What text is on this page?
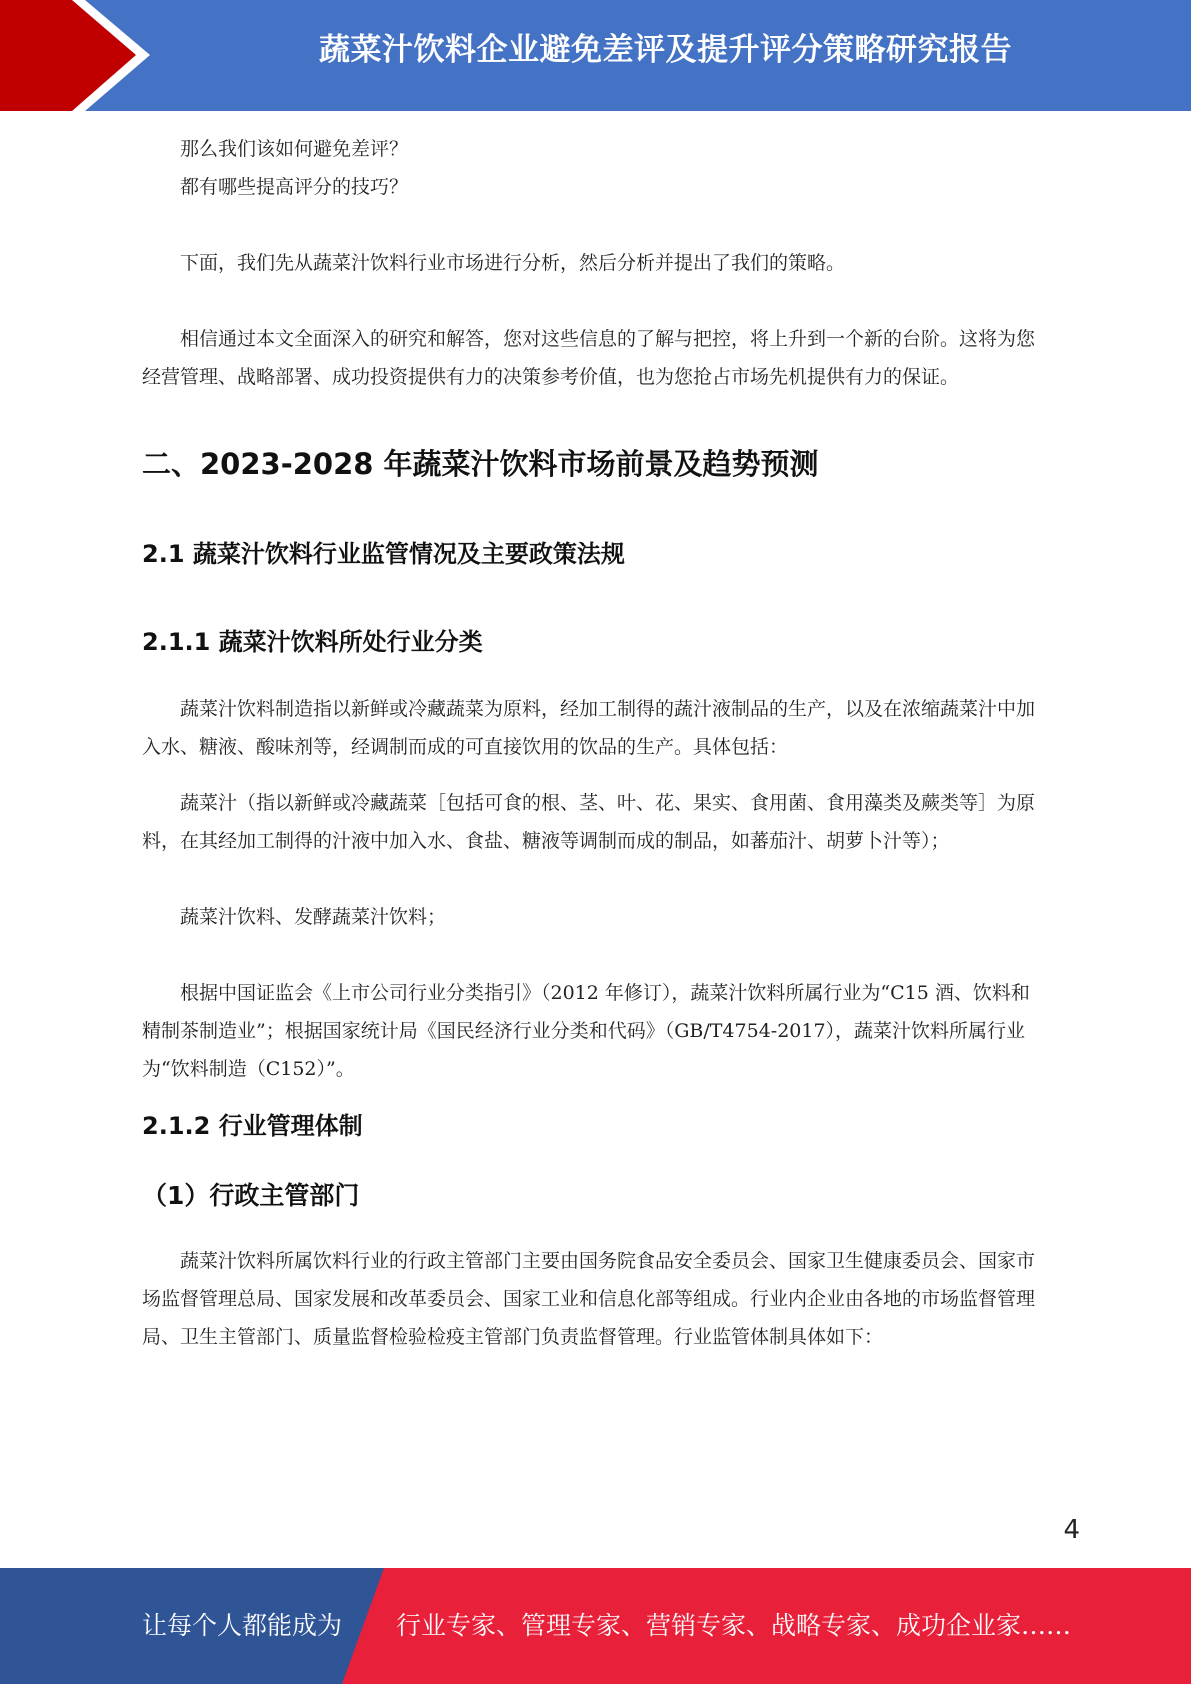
蔬菜汁饮料企业避免差评及提升评分策略研究报告

那么我们该如何避免差评？

都有哪些提高评分的技巧？

下面，我们先从蔬菜汁饮料行业市场进行分析，然后分析并提出了我们的策略。

相信通过本文全面深入的研究和解答，您对这些信息的了解与把控，将上升到一个新的台阶。这将为您经营管理、战略部署、成功投资提供有力的决策参考价值，也为您抢占市场先机提供有力的保证。

二、2023-2028 年蔬菜汁饮料市场前景及趋势预测
2.1 蔬菜汁饮料行业监管情况及主要政策法规
2.1.1 蔬菜汁饮料所处行业分类

蔬菜汁饮料制造指以新鲜或冷藏蔬菜为原料，经加工制得的蔬汁液制品的生产，以及在浓缩蔬菜汁中加入水、糖液、酸味剂等，经调制而成的可直接饮用的饮品的生产。具体包括：

蔬菜汁（指以新鲜或冷藏蔬菜［包括可食的根、茎、叶、花、果实、食用菌、食用藻类及蕨类等］为原料，在其经加工制得的汁液中加入水、食盐、糖液等调制而成的制品，如蕃茄汁、胡萝卜汁等）；

蔬菜汁饮料、发酵蔬菜汁饮料；

根据中国证监会《上市公司行业分类指引》（2012 年修订），蔬菜汁饮料所属行业为“C15 酒、饮料和精制茶制造业”；根据国家统计局《国民经济行业分类和代码》（GB/T4754-2017），蔬菜汁饮料所属行业为“饮料制造（C152）”。

2.1.2 行业管理体制
（1）行政主管部门

蔬菜汁饮料所属饮料行业的行政主管部门主要由国务院食品安全委员会、国家卫生健康委员会、国家市场监督管理总局、国家发展和改革委员会、国家工业和信息化部等组成。行业内企业由各地的市场监督管理局、卫生主管部门、质量监督检验检疫主管部门负责监督管理。行业监管体制具体如下：

4
让每个人都能成为 行业专家、管理专家、营销专家、战略专家、成功企业家……
